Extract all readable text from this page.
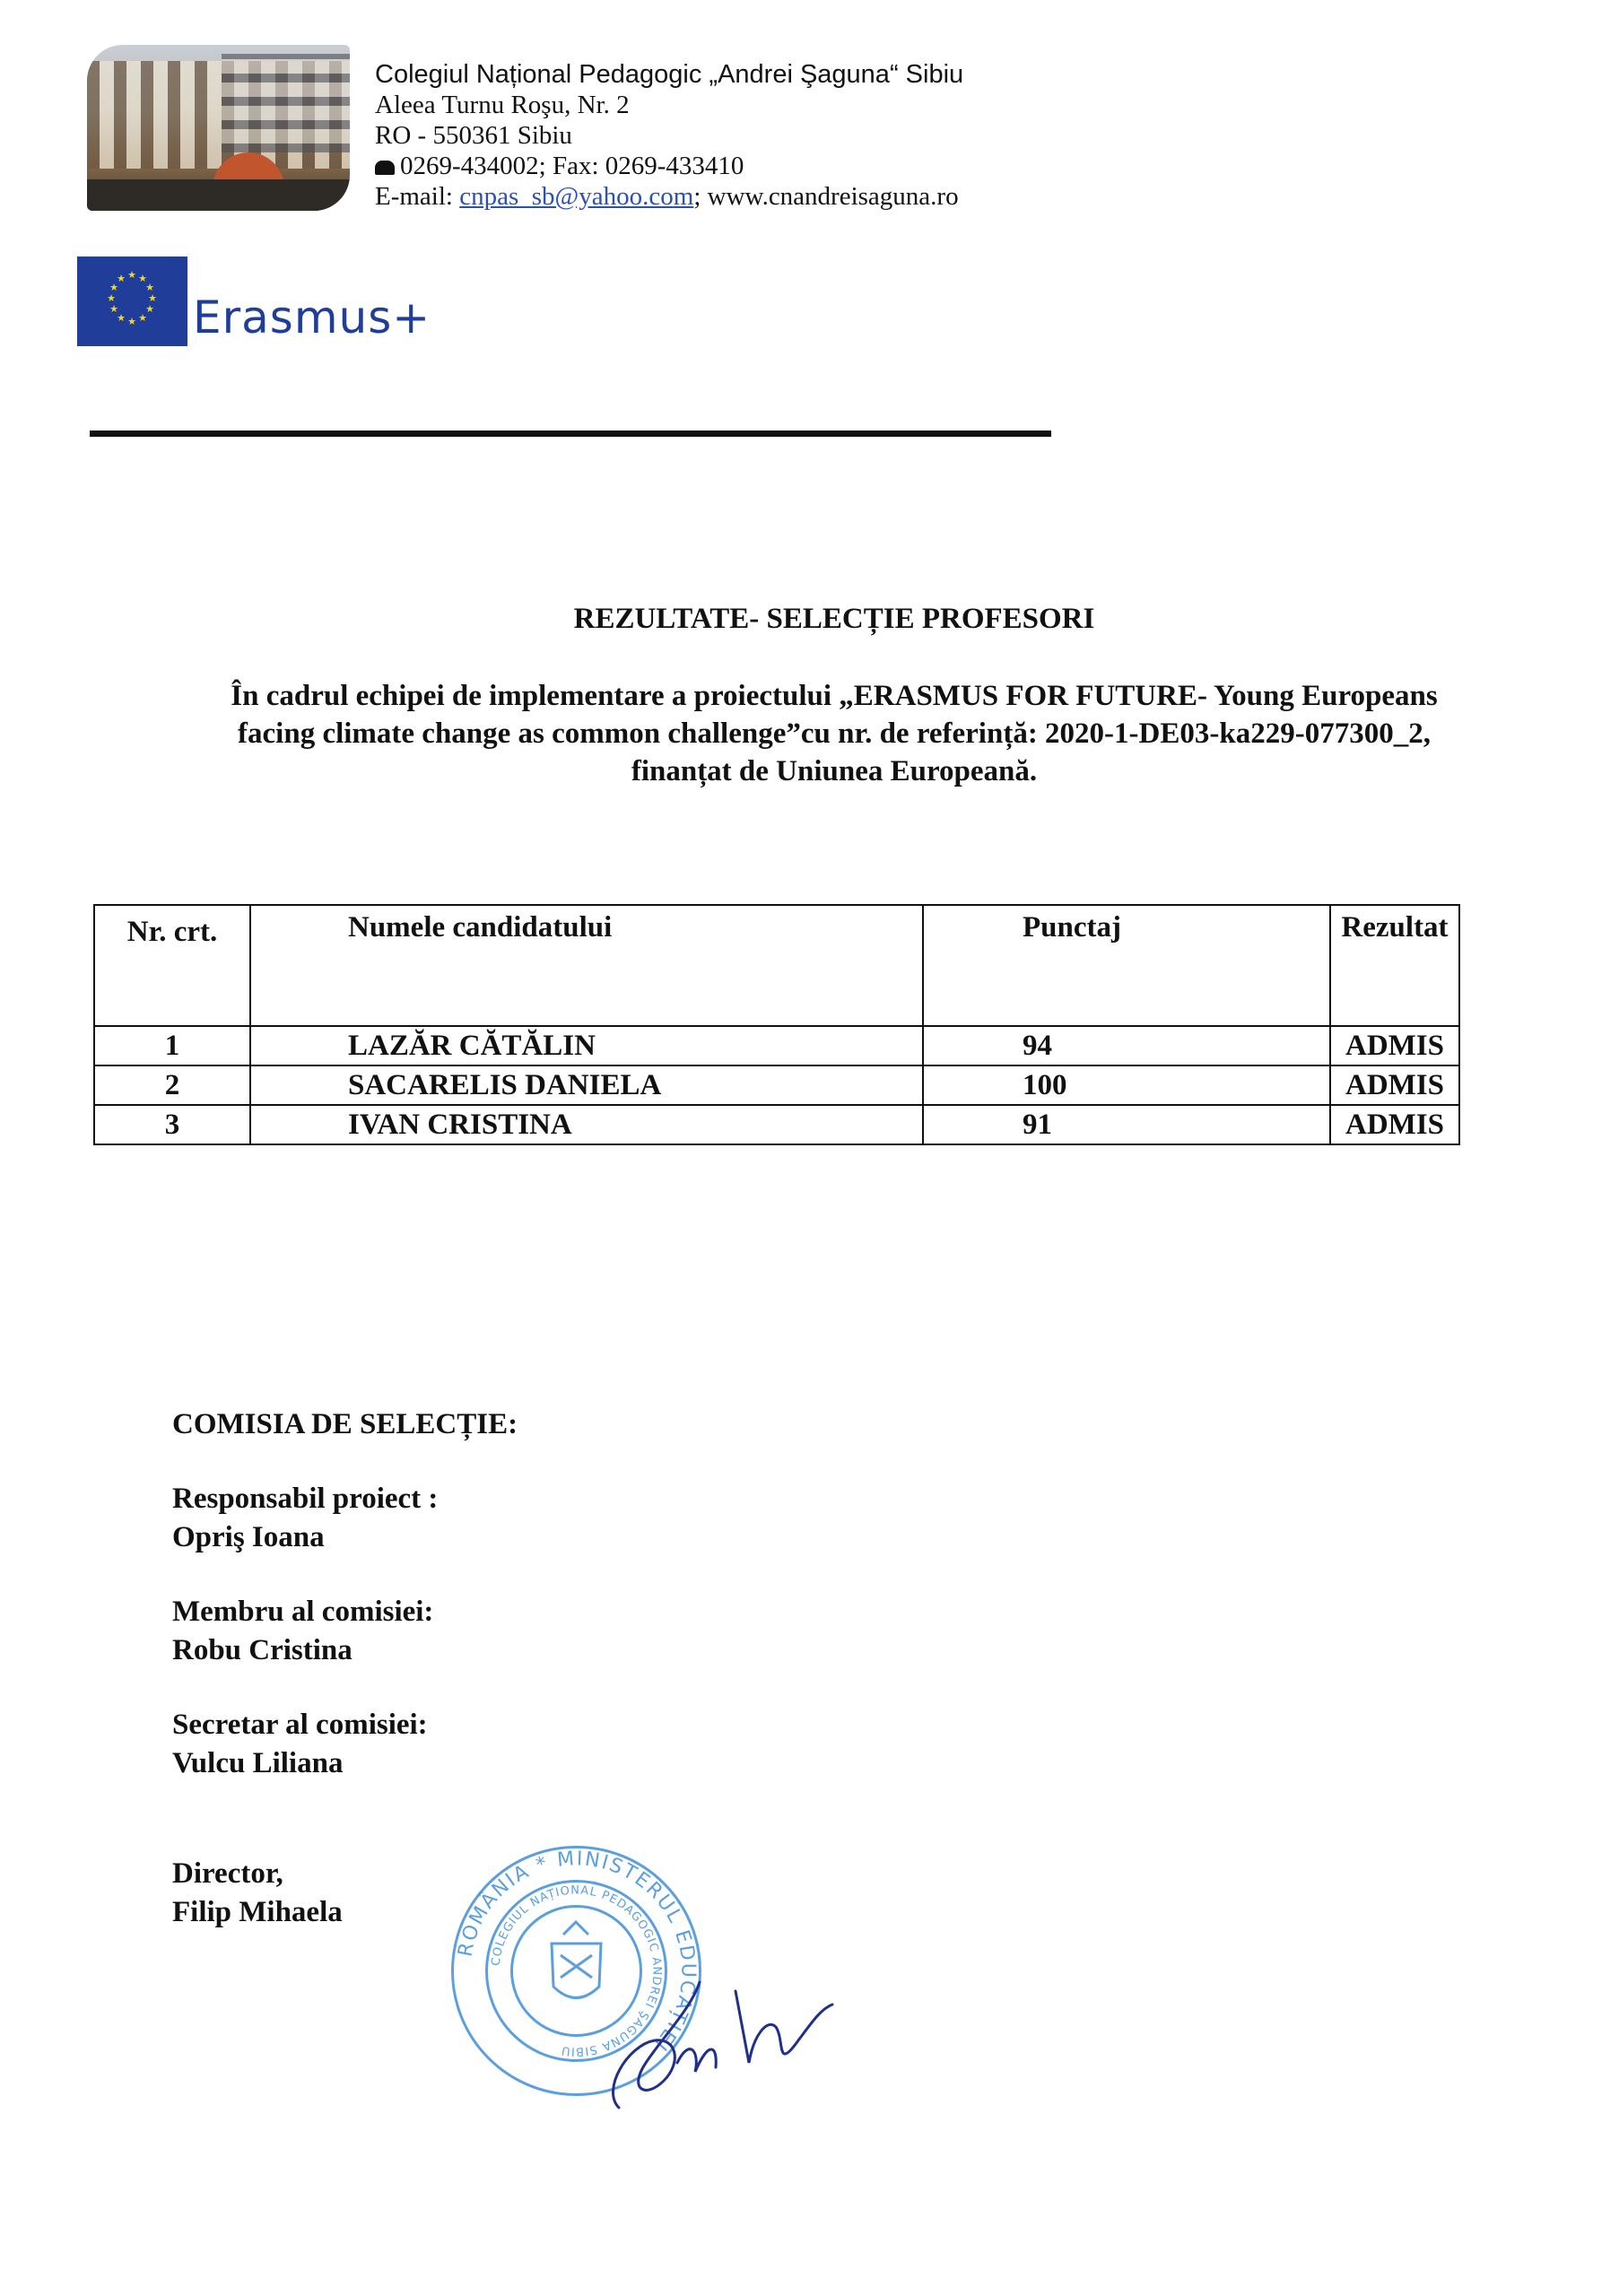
Colegiul Național Pedagogic „Andrei Şaguna“ Sibiu
Aleea Turnu Roşu, Nr. 2
RO - 550361 Sibiu
0269-434002; Fax: 0269-433410
E-mail: cnpas_sb@yahoo.com; www.cnandreisaguna.ro
★ ★
★
★
★
★
★
★
★
★
★
★
Erasmus+
REZULTATE- SELECȚIE PROFESORI
În cadrul echipei de implementare a proiectului „ERASMUS FOR FUTURE- Young Europeans facing climate change as common challenge”cu nr. de referință: 2020-1-DE03-ka229-077300_2, finanțat de Uniunea Europeană.
Nr. crt.	Numele candidatului	Punctaj	Rezultat
1	LAZĂR CĂTĂLIN	94	ADMIS
2	SACARELIS DANIELA	100	ADMIS
3	IVAN CRISTINA	91	ADMIS
COMISIA DE SELECȚIE:
Responsabil proiect :
Opriş Ioana
Membru al comisiei:
Robu Cristina
Secretar al comisiei:
Vulcu Liliana
Director,
Filip Mihaela
ROMÂNIA * MINISTERUL EDUCAȚIEI
COLEGIUL NAȚIONAL PEDAGOGIC ANDREI ŞAGUNA SIBIU
